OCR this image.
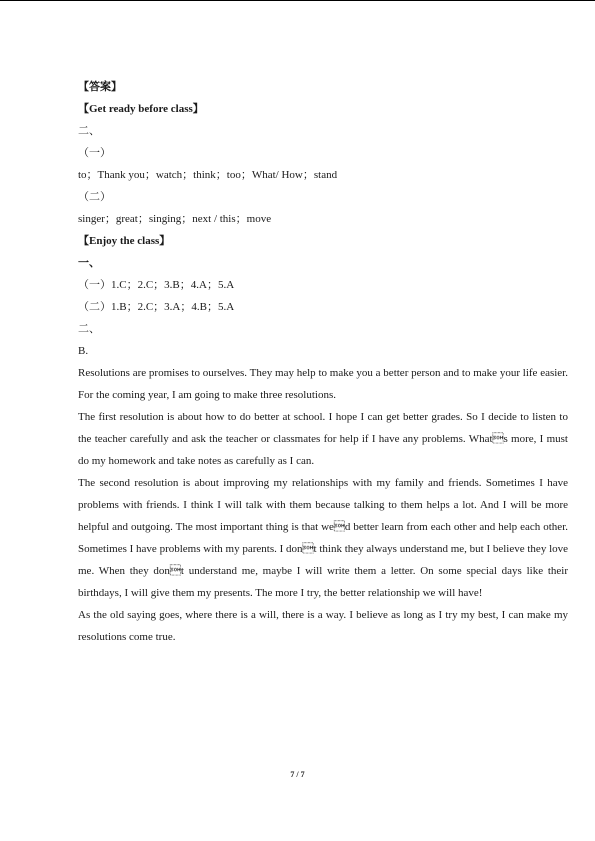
【答案】
【Get ready before class】
二、
（一）
to；Thank you；watch；think；too；What/ How；stand
（二）
singer；great；singing；next / this；move
【Enjoy the class】
一、
（一）1.C；2.C；3.B；4.A；5.A
（二）1.B；2.C；3.A；4.B；5.A
二、
B.

Resolutions are promises to ourselves. They may help to make you a better person and to make your life easier. For the coming year, I am going to make three resolutions.

The first resolution is about how to do better at school. I hope I can get better grades. So I decide to listen to the teacher carefully and ask the teacher or classmates for help if I have any problems. Whats more, I must do my homework and take notes as carefully as I can.

The second resolution is about improving my relationships with my family and friends. Sometimes I have problems with friends. I think I will talk with them because talking to them helps a lot. And I will be more helpful and outgoing. The most important thing is that wed better learn from each other and help each other. Sometimes I have problems with my parents. I dont think they always understand me, but I believe they love me. When they dont understand me, maybe I will write them a letter. On some special days like their birthdays, I will give them my presents. The more I try, the better relationship we will have!

As the old saying goes, where there is a will, there is a way. I believe as long as I try my best, I can make my resolutions come true.

7 / 7
